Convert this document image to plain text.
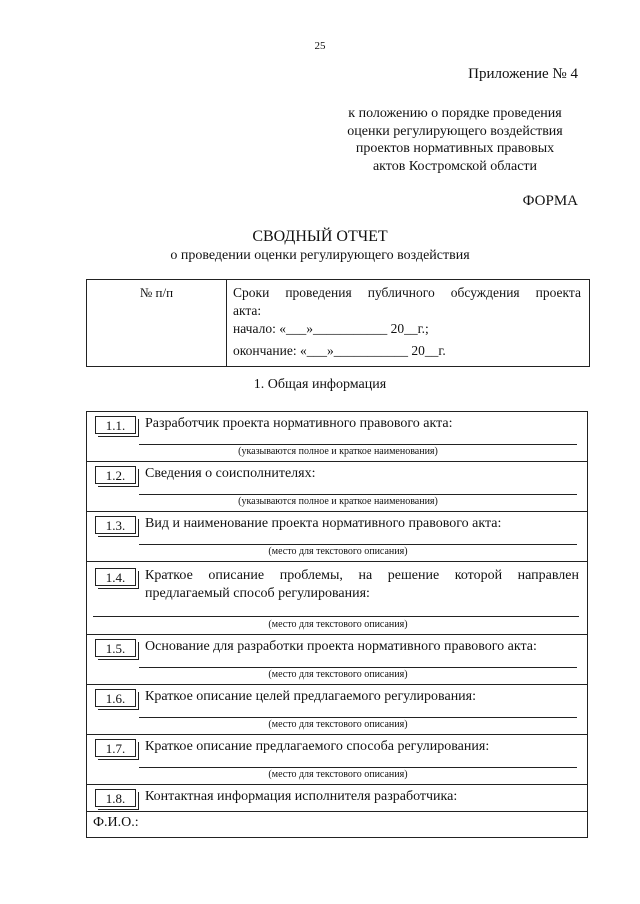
25
Приложение № 4
к положению о порядке проведения
оценки регулирующего воздействия
проектов нормативных правовых
актов Костромской области
ФОРМА
СВОДНЫЙ ОТЧЕТ
о проведении оценки регулирующего воздействия
№ п/п	Сроки проведения публичного обсуждения проекта
акта:
начало: «___»___________ 20__г.;
окончание: «___»___________ 20__г.
1. Общая информация
1.1.	Разработчик проекта нормативного правового акта:
(указываются полное и краткое наименования)
1.2.	Сведения о соисполнителях:
(указываются полное и краткое наименования)
1.3.	Вид и наименование проекта нормативного правового акта:
(место для текстового описания)
1.4.	Краткое описание проблемы, на решение которой направлен
предлагаемый способ регулирования:
(место для текстового описания)
1.5.	Основание для разработки проекта нормативного правового акта:
(место для текстового описания)
1.6.	Краткое описание целей предлагаемого регулирования:
(место для текстового описания)
1.7.	Краткое описание предлагаемого способа регулирования:
(место для текстового описания)
1.8.	Контактная информация исполнителя разработчика:
Ф.И.О.:
